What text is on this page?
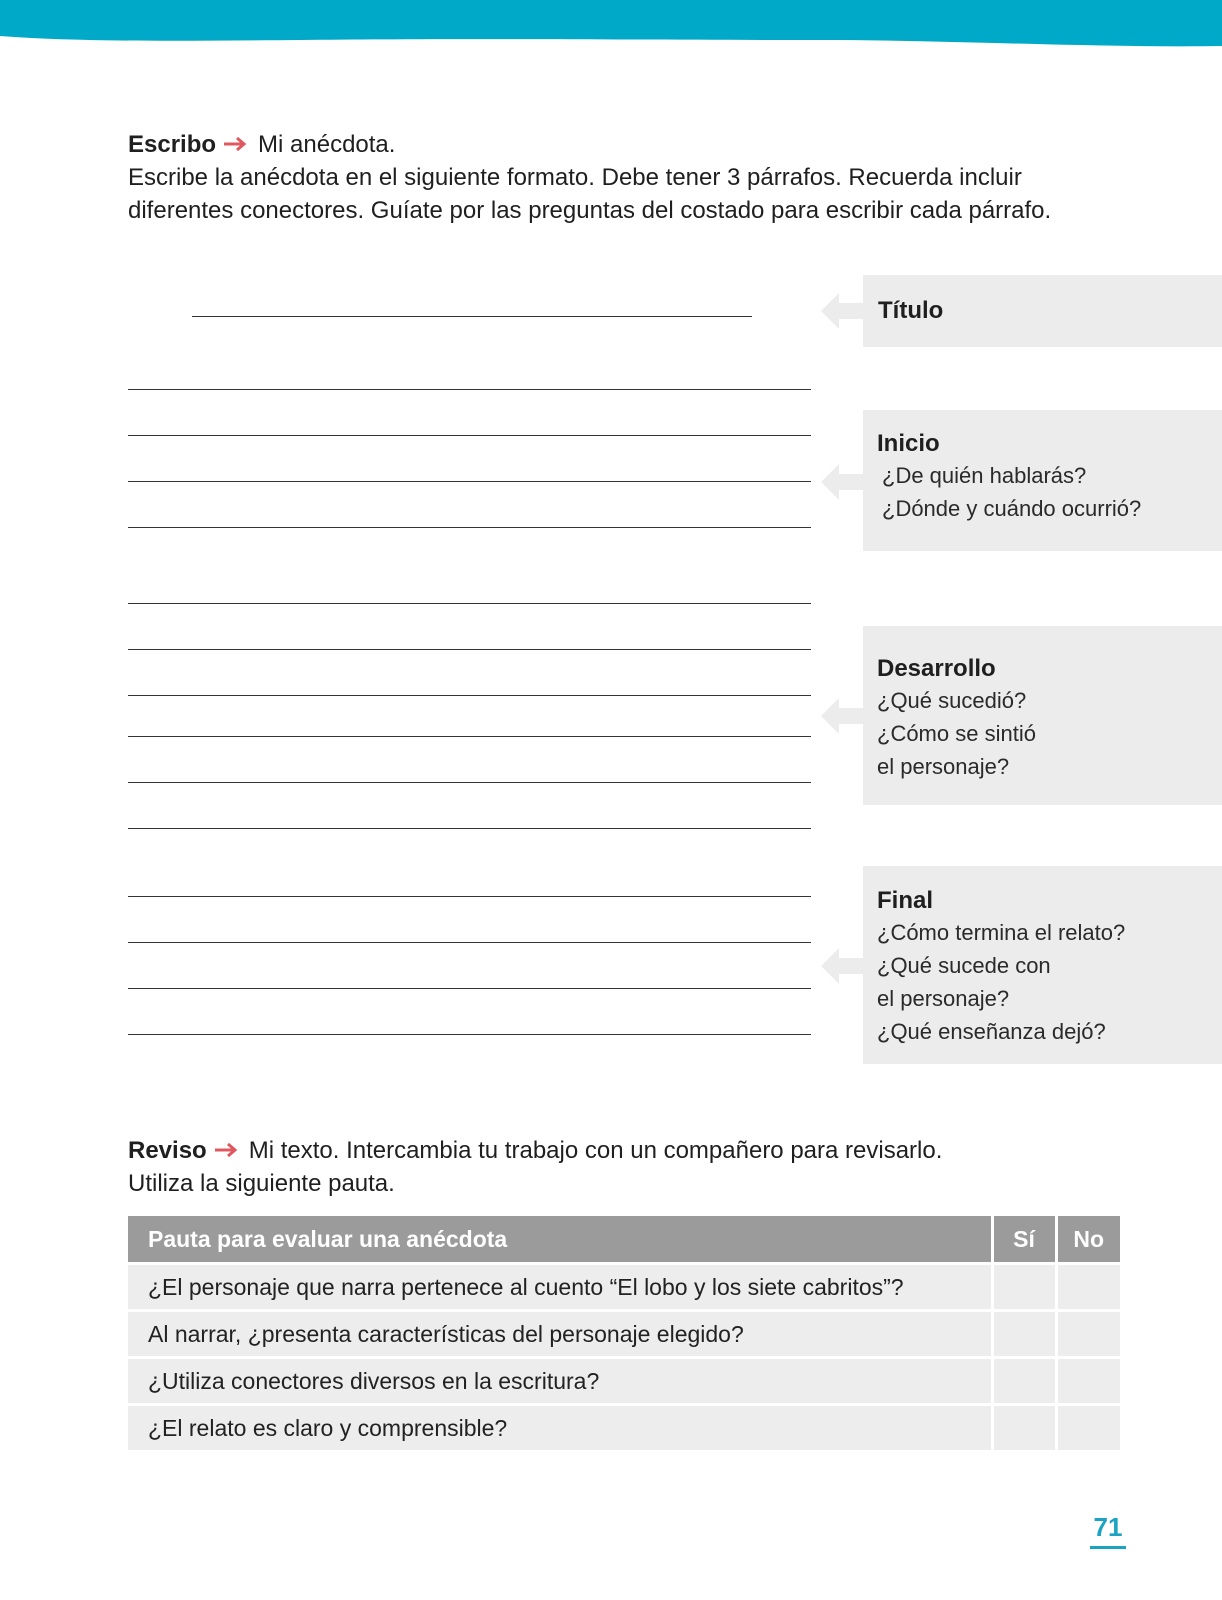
Escribo Mi anécdota.
Escribe la anécdota en el siguiente formato. Debe tener 3 párrafos. Recuerda incluir
diferentes conectores. Guíate por las preguntas del costado para escribir cada párrafo.
Título
Inicio
¿De quién hablarás?
¿Dónde y cuándo ocurrió?
Desarrollo
¿Qué sucedió?
¿Cómo se sintió
el personaje?
Final
¿Cómo termina el relato?
¿Qué sucede con
el personaje?
¿Qué enseñanza dejó?
Reviso Mi texto. Intercambia tu trabajo con un compañero para revisarlo.
Utiliza la siguiente pauta.
Pauta para evaluar una anécdota	Sí	No
¿El personaje que narra pertenece al cuento “El lobo y los siete cabritos”?		
Al narrar, ¿presenta características del personaje elegido?		
¿Utiliza conectores diversos en la escritura?		
¿El relato es claro y comprensible?		
71
